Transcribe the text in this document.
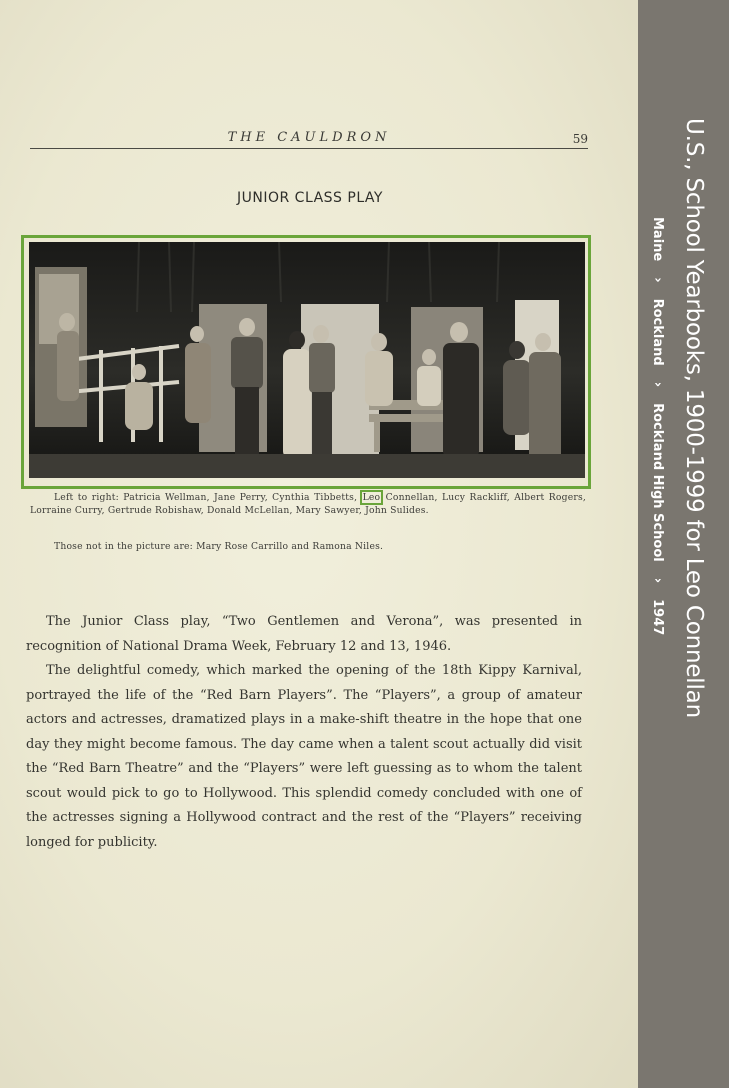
THE CAULDRON	59
JUNIOR CLASS PLAY
Left to right: Patricia Wellman, Jane Perry, Cynthia Tibbetts, Leo Connellan, Lucy Rackliff, Albert Rogers, Lorraine Curry, Gertrude Robishaw, Donald McLellan, Mary Sawyer, John Sulides.
Those not in the picture are: Mary Rose Carrillo and Ramona Niles.

The Junior Class play, “Two Gentlemen and Verona”, was presented in recognition of National Drama Week, February 12 and 13, 1946.

The delightful comedy, which marked the opening of the 18th Kippy Karnival, portrayed the life of the “Red Barn Players”. The “Players”, a group of amateur actors and actresses, dramatized plays in a make-shift theatre in the hope that one day they might become famous. The day came when a talent scout actually did visit the “Red Barn Theatre” and the “Players” were left guessing as to whom the talent scout would pick to go to Hollywood. This splendid comedy concluded with one of the actresses signing a Hollywood contract and the rest of the “Players” receiving longed for publicity.

U.S., School Yearbooks, 1900-1999 for Leo Connellan
Maine›Rockland›Rockland High School›1947
